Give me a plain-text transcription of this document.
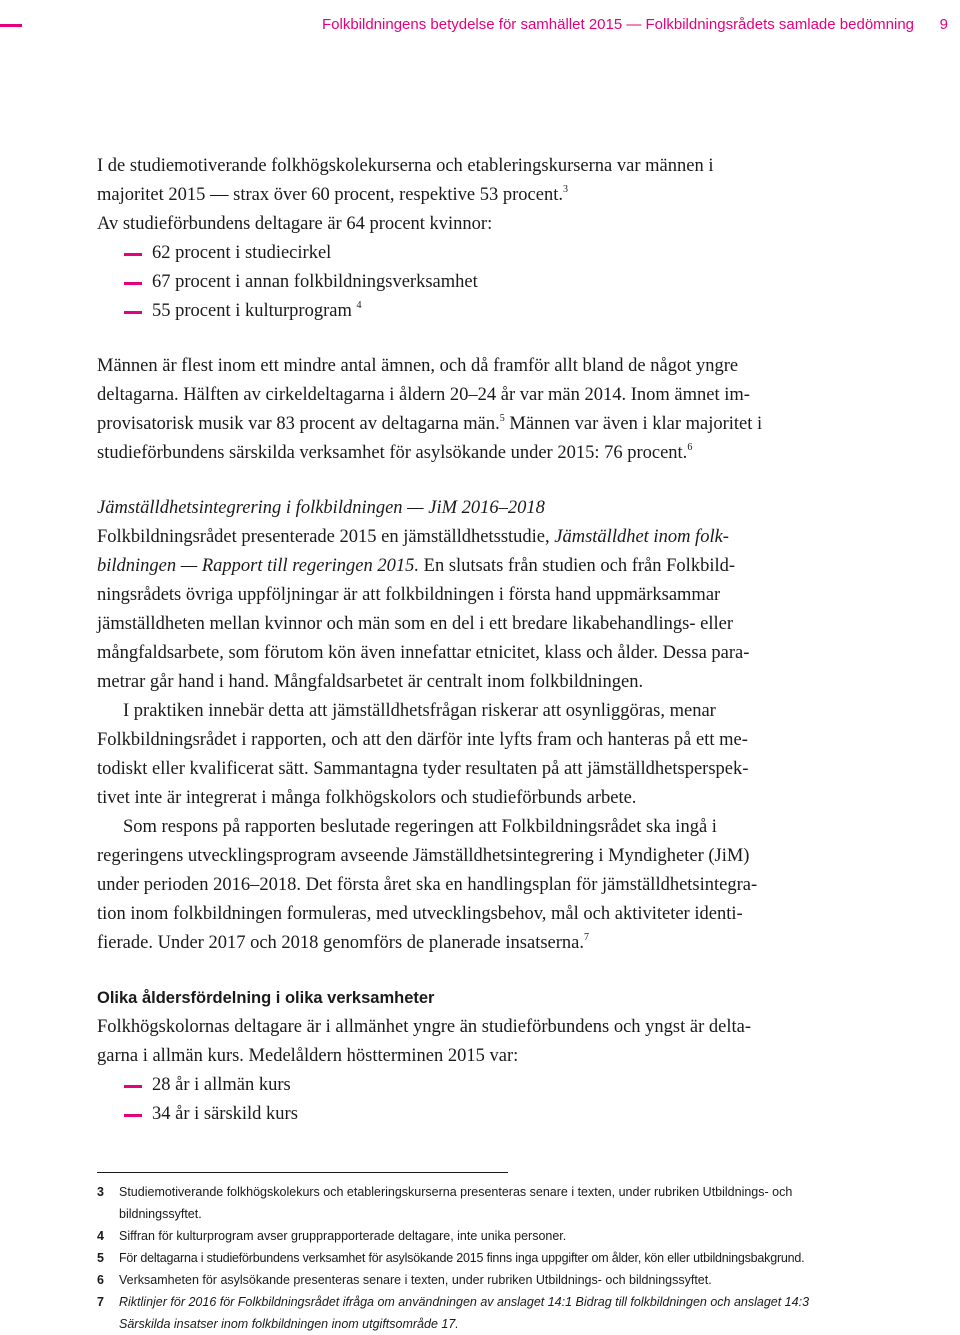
Folkbildningens betydelse för samhället 2015 — Folkbildningsrådets samlade bedömning 9

I de studiemotiverande folkhögskolekurserna och etableringskurserna var männen i
majoritet 2015 — strax över 60 procent, respektive 53 procent.$^3$
Av studieförbundens deltagare är 64 procent kvinnor:

62 procent i studiecirkel
67 procent i annan folkbildningsverksamhet
55 procent i kulturprogram $^4$

Männen är flest inom ett mindre antal ämnen, och då framför allt bland de något yngre
deltagarna. Hälften av cirkeldeltagarna i åldern 20–24 år var män 2014. Inom ämnet im-
provisatorisk musik var 83 procent av deltagarna män.$^5$ Männen var även i klar majoritet i
studieförbundens särskilda verksamhet för asylsökande under 2015: 76 procent.$^6$

Jämställdhetsintegrering i folkbildningen — JiM 2016–2018

Folkbildningsrådet presenterade 2015 en jämställdhetsstudie, Jämställdhet inom folk-
bildningen — Rapport till regeringen 2015. En slutsats från studien och från Folkbild-
ningsrådets övriga uppföljningar är att folkbildningen i första hand uppmärksammar
jämställdheten mellan kvinnor och män som en del i ett bredare likabehandlings- eller
mångfaldsarbete, som förutom kön även innefattar etnicitet, klass och ålder. Dessa para-
metrar går hand i hand. Mångfaldsarbetet är centralt inom folkbildningen.

I praktiken innebär detta att jämställdhetsfrågan riskerar att osynliggöras, menar
Folkbildningsrådet i rapporten, och att den därför inte lyfts fram och hanteras på ett me-
todiskt eller kvalificerat sätt. Sammantagna tyder resultaten på att jämställdhetsperspek-
tivet inte är integrerat i många folkhögskolors och studieförbunds arbete.

Som respons på rapporten beslutade regeringen att Folkbildningsrådet ska ingå i
regeringens utvecklingsprogram avseende Jämställdhetsintegrering i Myndigheter (JiM)
under perioden 2016–2018. Det första året ska en handlingsplan för jämställdhetsintegra-
tion inom folkbildningen formuleras, med utvecklingsbehov, mål och aktiviteter identi-
fierade. Under 2017 och 2018 genomförs de planerade insatserna.$^7$

Olika åldersfördelning i olika verksamheter

Folkhögskolornas deltagare är i allmänhet yngre än studieförbundens och yngst är delta-
garna i allmän kurs. Medelåldern höstterminen 2015 var:

28 år i allmän kurs
34 år i särskild kurs
3 Studiemotiverande folkhögskolekurs och etableringskurserna presenteras senare i texten, under rubriken Utbildnings- och
bildningssyftet.
4 Siffran för kulturprogram avser grupprapporterade deltagare, inte unika personer.
5 För deltagarna i studieförbundens verksamhet för asylsökande 2015 finns inga uppgifter om ålder, kön eller utbildningsbakgrund.
6 Verksamheten för asylsökande presenteras senare i texten, under rubriken Utbildnings- och bildningssyftet.
7 Riktlinjer för 2016 för Folkbildningsrådet ifråga om användningen av anslaget 14:1 Bidrag till folkbildningen och anslaget 14:3
Särskilda insatser inom folkbildningen inom utgiftsområde 17.
